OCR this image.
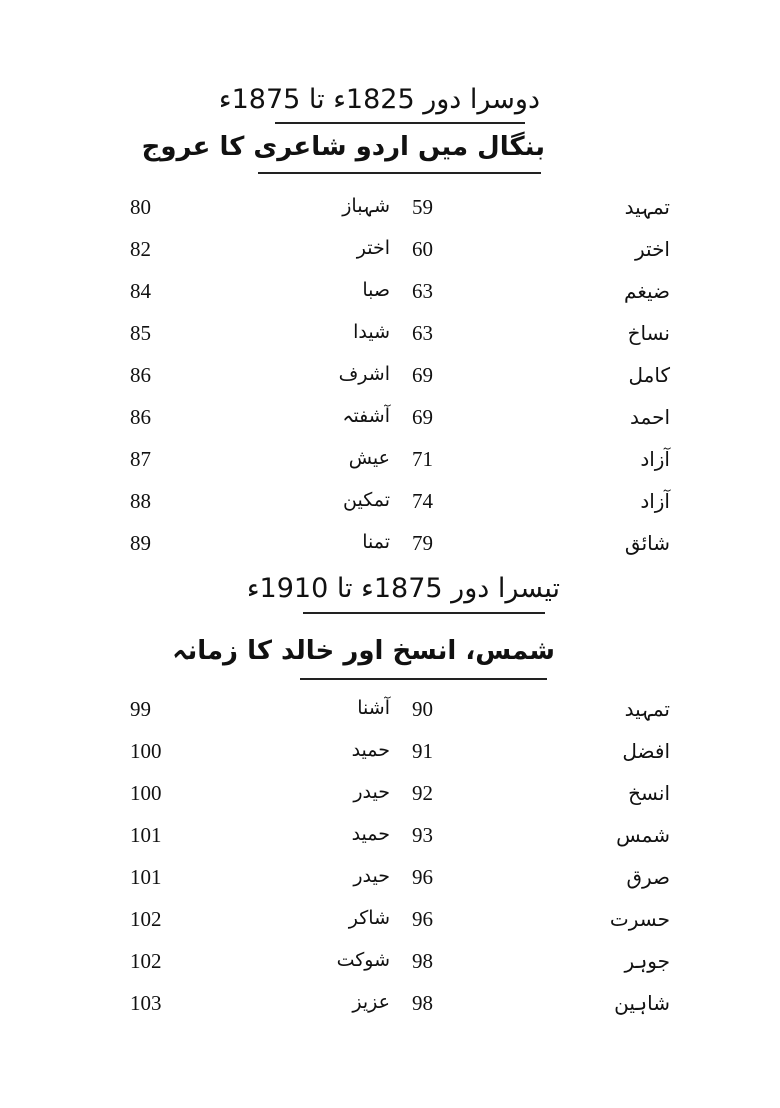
دوسرا دور 1825ء تا 1875ء
بنگال میں اردو شاعری کا عروج
80	شہباز 59	تمہید
82	اختر 60	اختر
84	صبا 63	ضیغم
85	شیدا 63	نساخ
86	اشرف 69	کامل
86	آشفتہ 69	احمد
87	عیش 71	آزاد
88	تمکین 74	آزاد
89	تمنا 79	شائق
تیسرا دور 1875ء تا 1910ء
شمس، انسخ اور خالد کا زمانہ
99	آشنا 90	تمہید
100	حمید 91	افضل
100	حیدر 92	انسخ
101	حمید 93	شمس
101	حیدر 96	صرق
102	شاکر 96	حسرت
102	شوکت 98	جوہر
103	عزیز 98	شاہین
